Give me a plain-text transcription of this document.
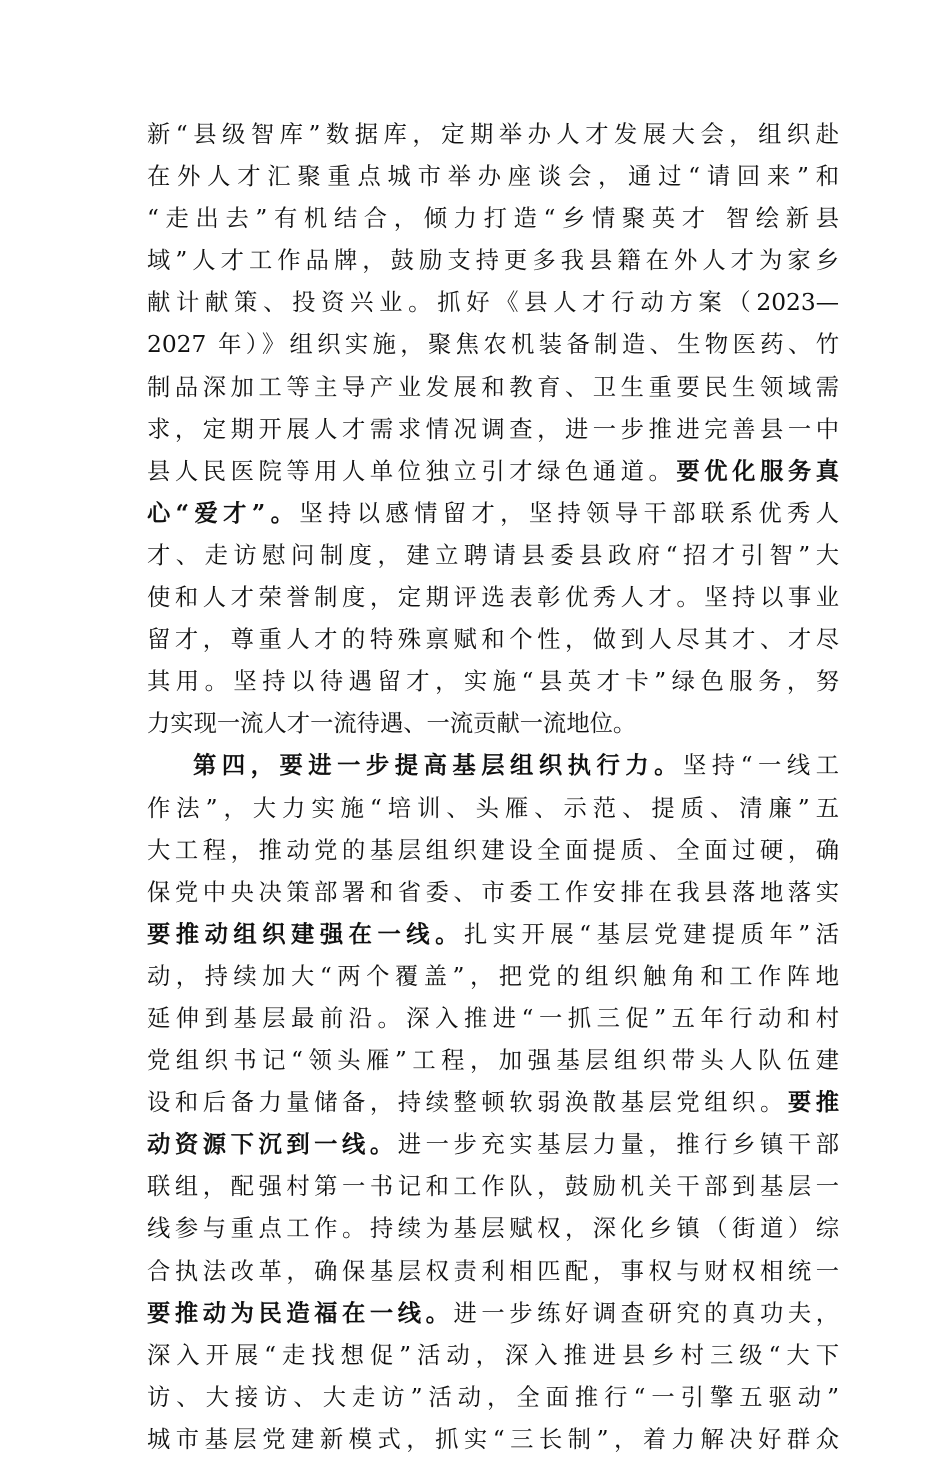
新“县级智库”数据库，定期举办人才发展大会，组织赴
在外人才汇聚重点城市举办座谈会，通过“请回来”和
“走出去”有机结合，倾力打造“乡情聚英才 智绘新县
域”人才工作品牌，鼓励支持更多我县籍在外人才为家乡
献计献策、投资兴业。抓好《县人才行动方案（2023—
2027 年）》组织实施，聚焦农机装备制造、生物医药、竹
制品深加工等主导产业发展和教育、卫生重要民生领域需
求，定期开展人才需求情况调查，进一步推进完善县一中
县人民医院等用人单位独立引才绿色通道。要优化服务真
心“爱才”。坚持以感情留才，坚持领导干部联系优秀人
才、走访慰问制度，建立聘请县委县政府“招才引智”大
使和人才荣誉制度，定期评选表彰优秀人才。坚持以事业
留才，尊重人才的特殊禀赋和个性，做到人尽其才、才尽
其用。坚持以待遇留才，实施“县英才卡”绿色服务，努
力实现一流人才一流待遇、一流贡献一流地位。
第四，要进一步提高基层组织执行力。坚持“一线工
作法”，大力实施“培训、头雁、示范、提质、清廉”五
大工程，推动党的基层组织建设全面提质、全面过硬，确
保党中央决策部署和省委、市委工作安排在我县落地落实
要推动组织建强在一线。扎实开展“基层党建提质年”活
动，持续加大“两个覆盖”，把党的组织触角和工作阵地
延伸到基层最前沿。深入推进“一抓三促”五年行动和村
党组织书记“领头雁”工程，加强基层组织带头人队伍建
设和后备力量储备，持续整顿软弱涣散基层党组织。要推
动资源下沉到一线。进一步充实基层力量，推行乡镇干部
联组，配强村第一书记和工作队，鼓励机关干部到基层一
线参与重点工作。持续为基层赋权，深化乡镇（街道）综
合执法改革，确保基层权责利相匹配，事权与财权相统一
要推动为民造福在一线。进一步练好调查研究的真功夫，
深入开展“走找想促”活动，深入推进县乡村三级“大下
访、大接访、大走访”活动，全面推行“一引擎五驱动”
城市基层党建新模式，抓实“三长制”，着力解决好群众
